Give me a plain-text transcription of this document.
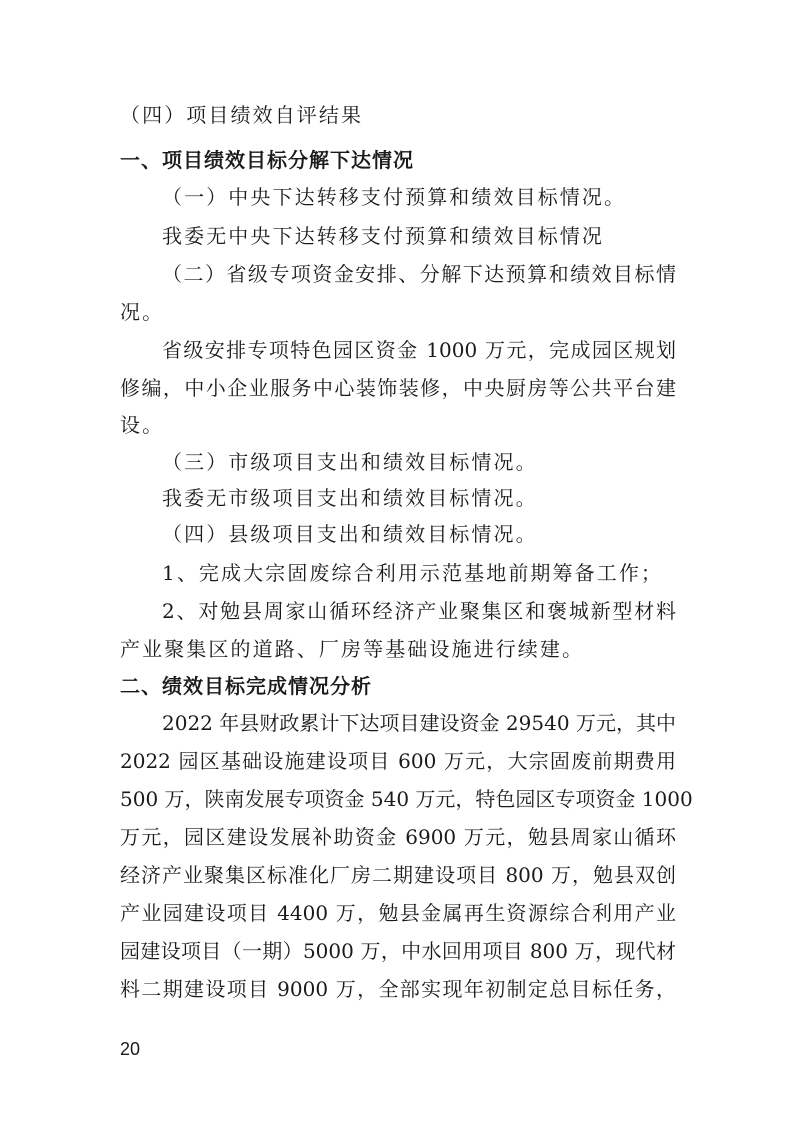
（四）项目绩效自评结果
一、项目绩效目标分解下达情况
（一）中央下达转移支付预算和绩效目标情况。
我委无中央下达转移支付预算和绩效目标情况
（二）省级专项资金安排、分解下达预算和绩效目标情
况。
省级安排专项特色园区资金 1000 万元，完成园区规划
修编，中小企业服务中心装饰装修，中央厨房等公共平台建
设。
（三）市级项目支出和绩效目标情况。
我委无市级项目支出和绩效目标情况。
（四）县级项目支出和绩效目标情况。
1、完成大宗固废综合利用示范基地前期筹备工作；
2、对勉县周家山循环经济产业聚集区和褒城新型材料
产业聚集区的道路、厂房等基础设施进行续建。
二、绩效目标完成情况分析
2022 年县财政累计下达项目建设资金 29540 万元，其中
2022 园区基础设施建设项目 600 万元，大宗固废前期费用
500 万，陕南发展专项资金 540 万元，特色园区专项资金 1000
万元，园区建设发展补助资金 6900 万元，勉县周家山循环
经济产业聚集区标准化厂房二期建设项目 800 万，勉县双创
产业园建设项目 4400 万，勉县金属再生资源综合利用产业
园建设项目（一期）5000 万，中水回用项目 800 万，现代材
料二期建设项目 9000 万，全部实现年初制定总目标任务，
20
